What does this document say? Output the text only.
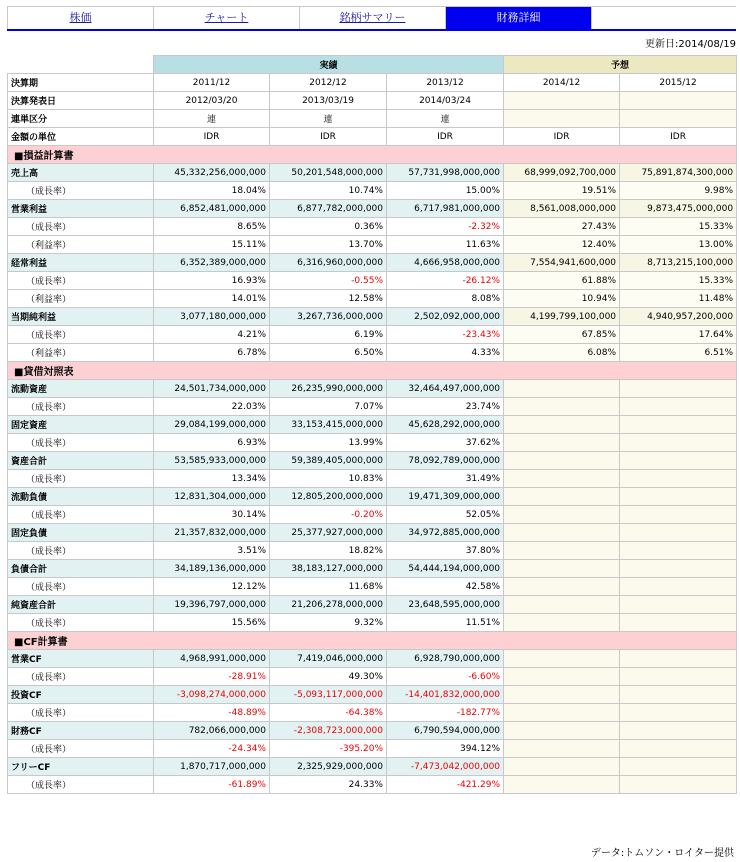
株価	チャート	銘柄サマリー	財務詳細
更新日:2014/08/19
	実績			予想	
決算期	2011/12	2012/12	2013/12	2014/12	2015/12
決算発表日	2012/03/20	2013/03/19	2014/03/24		
連単区分	連	連	連		
金額の単位	IDR	IDR	IDR	IDR	IDR
■損益計算書					
売上高	45,332,256,000,000	50,201,548,000,000	57,731,998,000,000	68,999,092,700,000	75,891,874,300,000
（成長率）	18.04%	10.74%	15.00%	19.51%	9.98%
営業利益	6,852,481,000,000	6,877,782,000,000	6,717,981,000,000	8,561,008,000,000	9,873,475,000,000
（成長率）	8.65%	0.36%	-2.32%	27.43%	15.33%
（利益率）	15.11%	13.70%	11.63%	12.40%	13.00%
経常利益	6,352,389,000,000	6,316,960,000,000	4,666,958,000,000	7,554,941,600,000	8,713,215,100,000
（成長率）	16.93%	-0.55%	-26.12%	61.88%	15.33%
（利益率）	14.01%	12.58%	8.08%	10.94%	11.48%
当期純利益	3,077,180,000,000	3,267,736,000,000	2,502,092,000,000	4,199,799,100,000	4,940,957,200,000
（成長率）	4.21%	6.19%	-23.43%	67.85%	17.64%
（利益率）	6.78%	6.50%	4.33%	6.08%	6.51%
■貸借対照表					
流動資産	24,501,734,000,000	26,235,990,000,000	32,464,497,000,000		
（成長率）	22.03%	7.07%	23.74%		
固定資産	29,084,199,000,000	33,153,415,000,000	45,628,292,000,000		
（成長率）	6.93%	13.99%	37.62%		
資産合計	53,585,933,000,000	59,389,405,000,000	78,092,789,000,000		
（成長率）	13.34%	10.83%	31.49%		
流動負債	12,831,304,000,000	12,805,200,000,000	19,471,309,000,000		
（成長率）	30.14%	-0.20%	52.05%		
固定負債	21,357,832,000,000	25,377,927,000,000	34,972,885,000,000		
（成長率）	3.51%	18.82%	37.80%		
負債合計	34,189,136,000,000	38,183,127,000,000	54,444,194,000,000		
（成長率）	12.12%	11.68%	42.58%		
純資産合計	19,396,797,000,000	21,206,278,000,000	23,648,595,000,000		
（成長率）	15.56%	9.32%	11.51%		
■CF計算書					
営業CF	4,968,991,000,000	7,419,046,000,000	6,928,790,000,000		
（成長率）	-28.91%	49.30%	-6.60%		
投資CF	-3,098,274,000,000	-5,093,117,000,000	-14,401,832,000,000		
（成長率）	-48.89%	-64.38%	-182.77%		
財務CF	782,066,000,000	-2,308,723,000,000	6,790,594,000,000		
（成長率）	-24.34%	-395.20%	394.12%		
フリーCF	1,870,717,000,000	2,325,929,000,000	-7,473,042,000,000		
（成長率）	-61.89%	24.33%	-421.29%		
データ:トムソン・ロイター提供
